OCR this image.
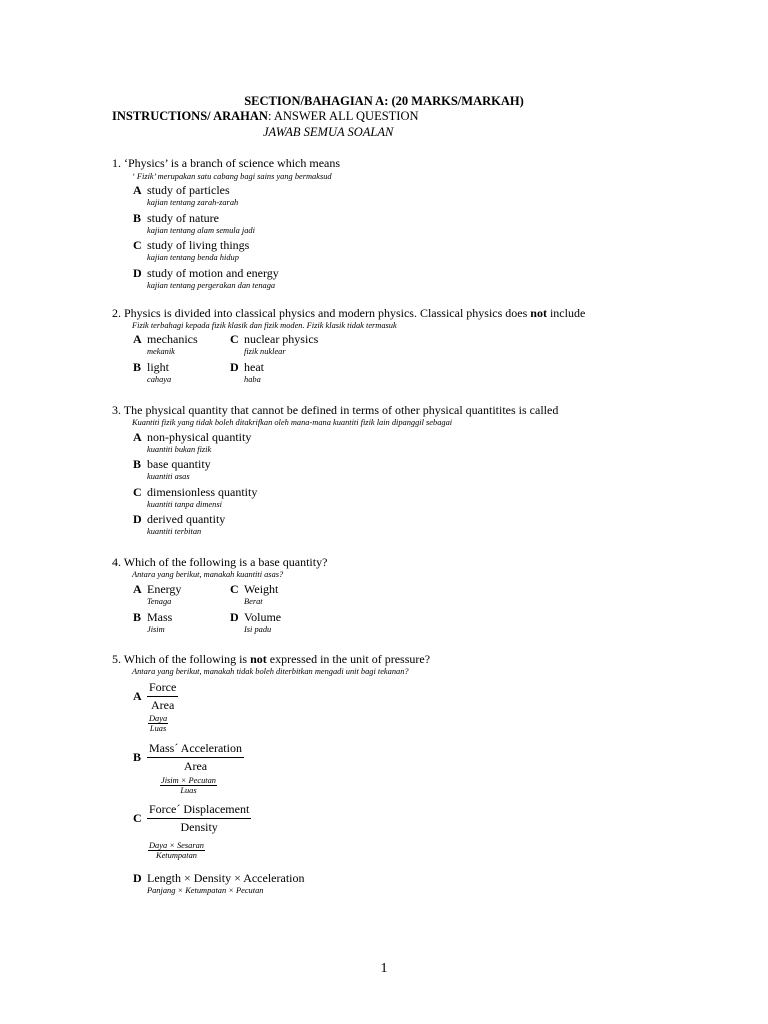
SECTION/BAHAGIAN A: (20 MARKS/MARKAH)
INSTRUCTIONS/ ARAHAN: ANSWER ALL QUESTION
JAWAB SEMUA SOALAN
1. ‘Physics’ is a branch of science which means
‘ Fizik’ merupakan satu cabang bagi sains yang bermaksud
A study of particles
kajian tentang zarah-zarah
B study of nature
kajian tentang alam semula jadi
C study of living things
kajian tentang benda hidup
D study of motion and energy
kajian tentang pergerakan dan tenaga
2. Physics is divided into classical physics and modern physics. Classical physics does not include
Fizik terbahagi kepada fizik klasik dan fizik moden. Fizik klasik tidak termasuk
A mechanics
mekanik
C nuclear physics
fizik nuklear
B light
cahaya
D heat
haba
3. The physical quantity that cannot be defined in terms of other physical quantitites is called
Kuantiti fizik yang tidak boleh ditakrifkan oleh mana-mana kuantiti fizik lain dipanggil sebagai
A non-physical quantity
kuantiti bukan fizik
B base quantity
kuantiti asas
C dimensionless quantity
kuantiti tanpa dimensi
D derived quantity
kuantiti terbitan
4. Which of the following is a base quantity?
Antara yang berikut, manakah kuantiti asas?
A Energy
Tenaga
C Weight
Berat
B Mass
Jisim
D Volume
Isi padu
5. Which of the following is not expressed in the unit of pressure?
Antara yang berikut, manakah tidak boleh diterbitkan mengadi unit bagi tekanan?
A $\frac{\text{Force}}{\text{Area}}$
$\frac{\text{Daya}}{\text{Luas}}$
B $\frac{\text{Mass´ Acceleration}}{\text{Area}}$
$\frac{\text{Jisim × Pecutan}}{\text{Luas}}$
C $\frac{\text{Force´ Displacement}}{\text{Density}}$
$\frac{\text{Daya × Sesaran}}{\text{Ketumpatan}}$
D Length × Density × Acceleration
Panjang × Ketumpatan × Pecutan
1
